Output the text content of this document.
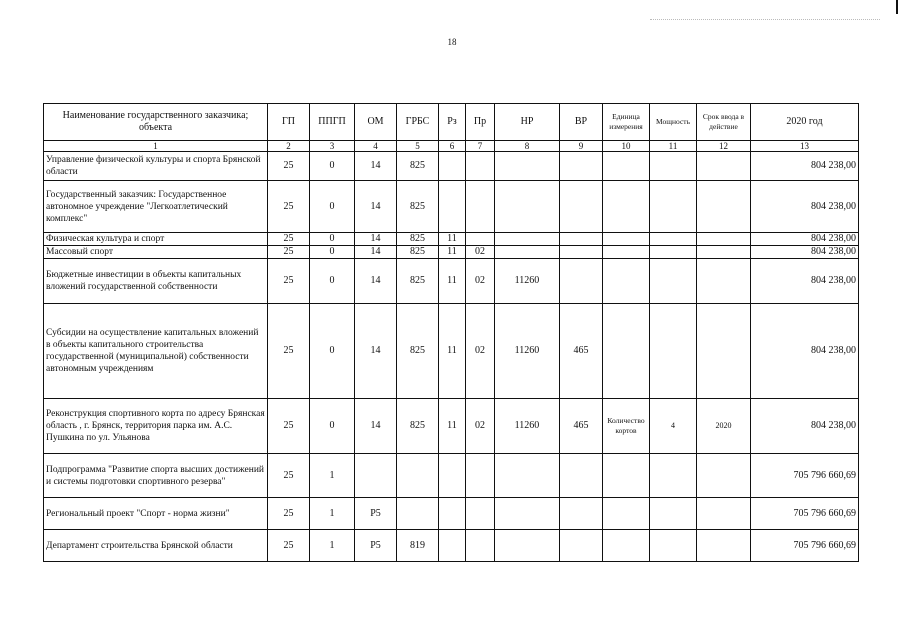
18
Наименование государственного заказчика; объекта	ГП	ППГП	ОМ	ГРБС	Рз	Пр	НР	ВР	Единица измерения	Мощность	Срок ввода в действие	2020 год
1	2	3	4	5	6	7	8	9	10	11	12	13
Управление физической культуры и спорта Брянской области	25	0	14	825								804 238,00
Государственный заказчик: Государственное автономное учреждение "Легкоатлетический комплекс"	25	0	14	825								804 238,00
Физическая культура и спорт	25	0	14	825	11							804 238,00
Массовый спорт	25	0	14	825	11	02						804 238,00
Бюджетные инвестиции в объекты капитальных вложений государственной собственности	25	0	14	825	11	02	11260					804 238,00
Субсидии на осуществление капитальных вложений в объекты капитального строительства государственной (муниципальной) собственности автономным учреждениям	25	0	14	825	11	02	11260	465				804 238,00
Реконструкция спортивного корта по адресу Брянская область , г. Брянск, территория парка им. А.С. Пушкина по ул. Ульянова	25	0	14	825	11	02	11260	465	Количество кортов	4	2020	804 238,00
Подпрограмма "Развитие спорта высших достижений и системы подготовки спортивного резерва"	25	1										705 796 660,69
Региональный проект "Спорт - норма жизни"	25	1	P5									705 796 660,69
Департамент строительства Брянской области	25	1	P5	819								705 796 660,69
